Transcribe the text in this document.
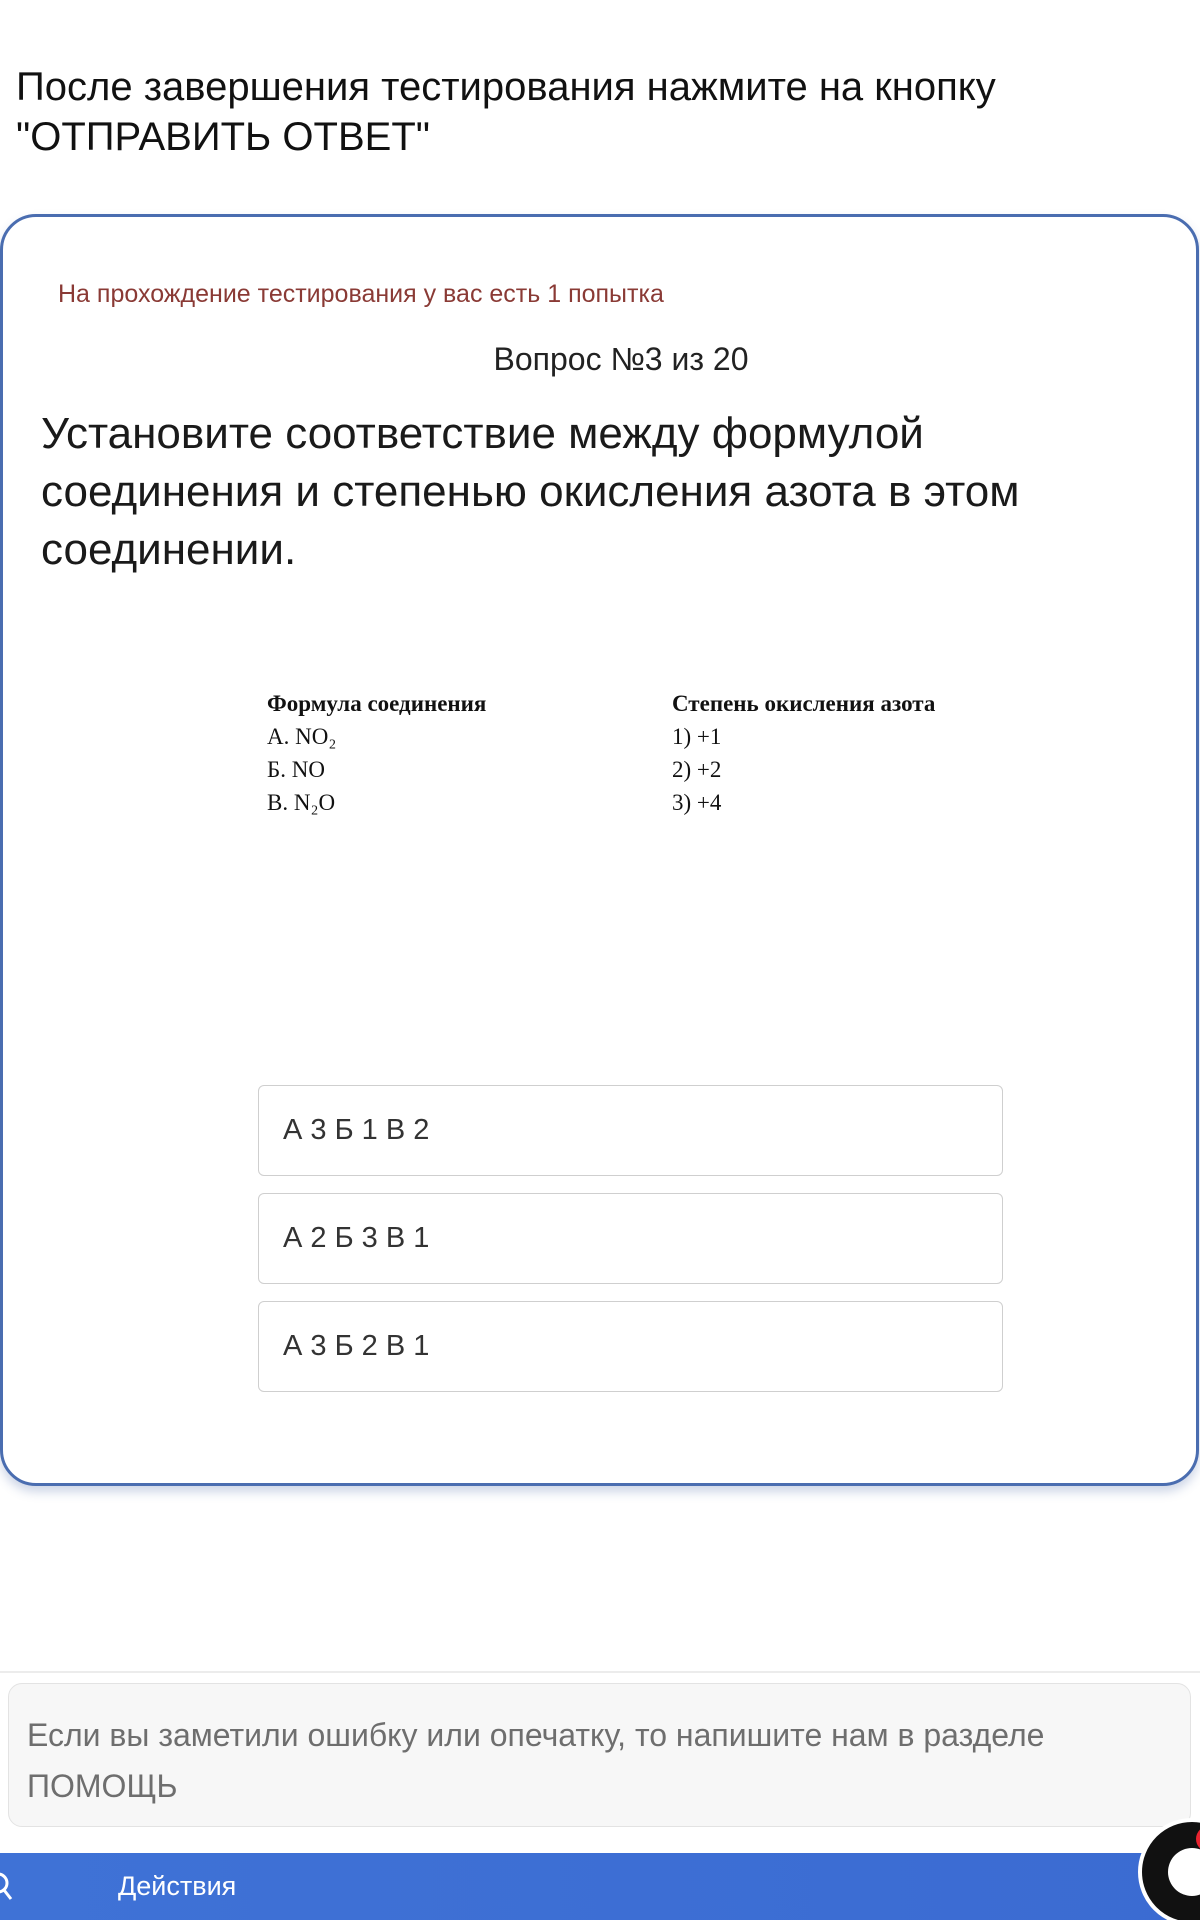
После завершения тестирования нажмите на кнопку "ОТПРАВИТЬ ОТВЕТ"
На прохождение тестирования у вас есть 1 попытка
Вопрос №3 из 20
Установите соответствие между формулой соединения и степенью окисления азота в этом соединении.
Формула соединения
А. NO₂
Б. NO
В. N₂O
Степень окисления азота
1) +1
2) +2
3) +4
А 3 Б 1 В 2
А 2 Б 3 В 1
А 3 Б 2 В 1
Если вы заметили ошибку или опечатку, то напишите нам в разделе ПОМОЩЬ
Действия
